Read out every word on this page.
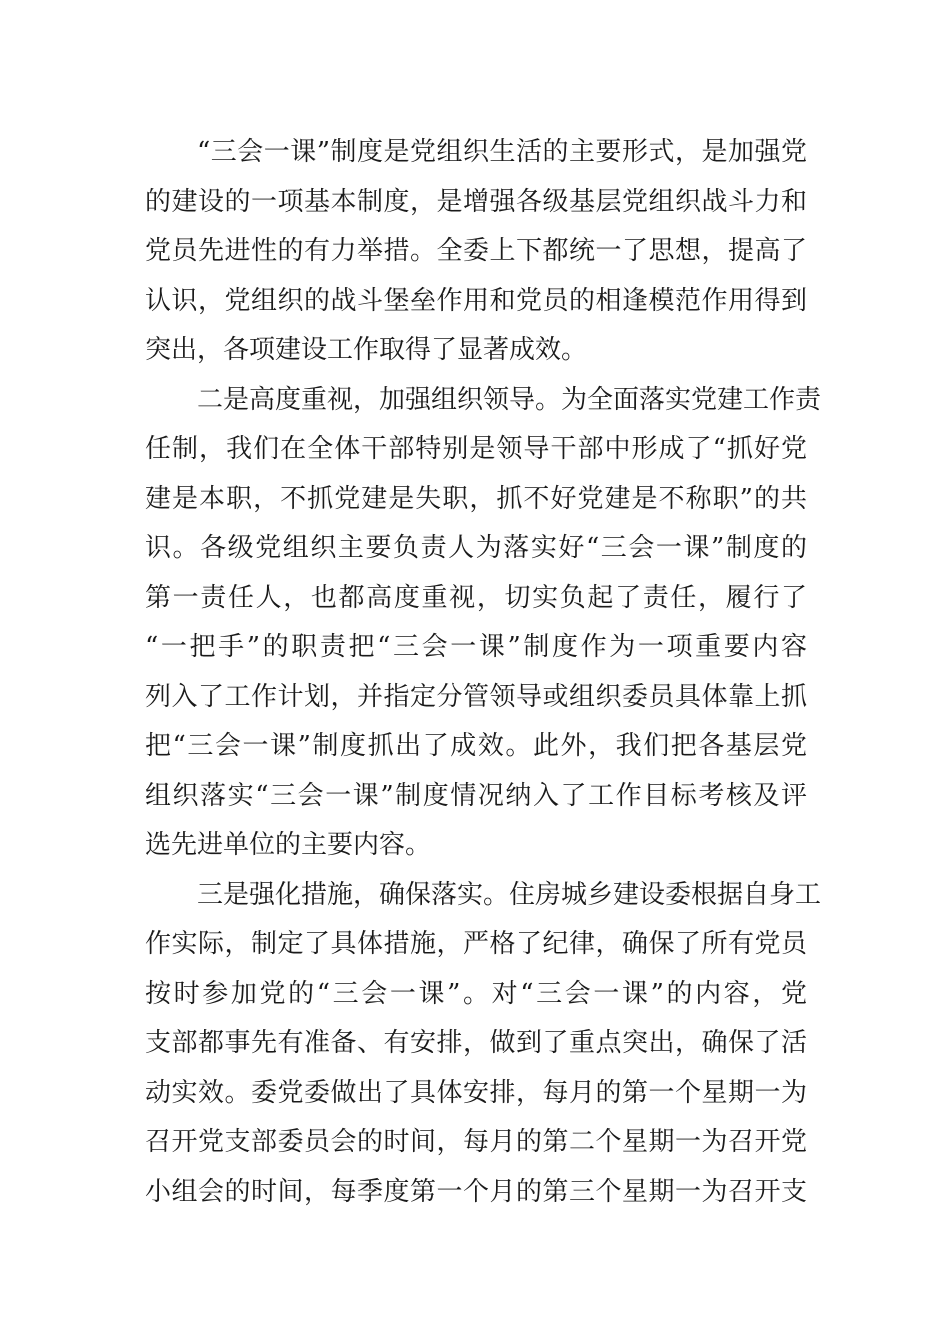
“三会一课”制度是党组织生活的主要形式，是加强党
的建设的一项基本制度，是增强各级基层党组织战斗力和
党员先进性的有力举措。全委上下都统一了思想，提高了
认识，党组织的战斗堡垒作用和党员的相逢模范作用得到
突出，各项建设工作取得了显著成效。

二是高度重视，加强组织领导。为全面落实党建工作责
任制，我们在全体干部特别是领导干部中形成了“抓好党
建是本职，不抓党建是失职，抓不好党建是不称职”的共
识。各级党组织主要负责人为落实好“三会一课”制度的
第一责任人，也都高度重视，切实负起了责任，履行了
“一把手”的职责把“三会一课”制度作为一项重要内容
列入了工作计划，并指定分管领导或组织委员具体靠上抓
把“三会一课”制度抓出了成效。此外，我们把各基层党
组织落实“三会一课”制度情况纳入了工作目标考核及评
选先进单位的主要内容。

三是强化措施，确保落实。住房城乡建设委根据自身工
作实际，制定了具体措施，严格了纪律，确保了所有党员
按时参加党的“三会一课”。对“三会一课”的内容，党
支部都事先有准备、有安排，做到了重点突出，确保了活
动实效。委党委做出了具体安排，每月的第一个星期一为
召开党支部委员会的时间，每月的第二个星期一为召开党
小组会的时间，每季度第一个月的第三个星期一为召开支
